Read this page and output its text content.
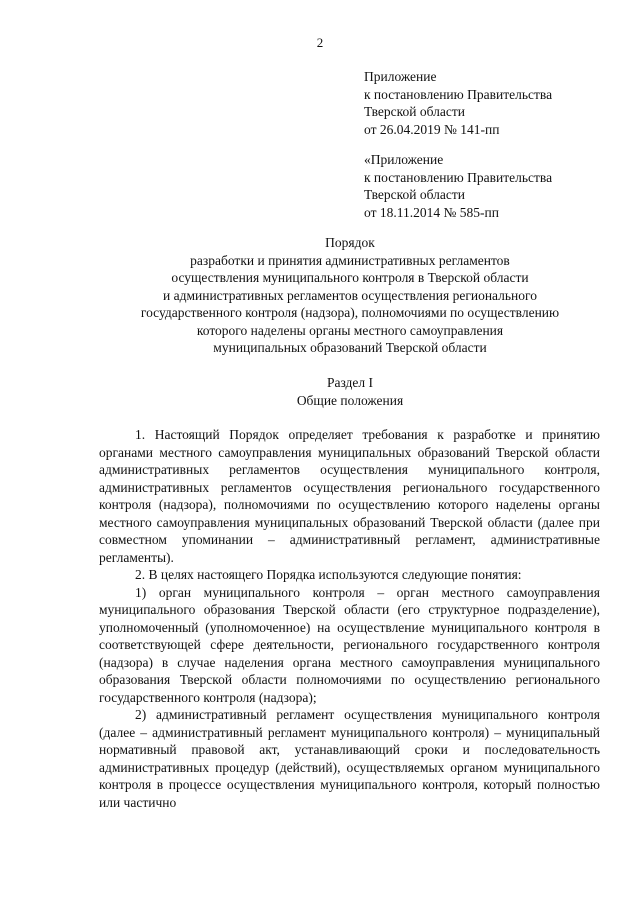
2
Приложение
к постановлению Правительства
Тверской области
от 26.04.2019 № 141-пп
«Приложение
к постановлению Правительства
Тверской области
от 18.11.2014 № 585-пп
Порядок
разработки и принятия административных регламентов
осуществления муниципального контроля в Тверской области
и административных регламентов осуществления регионального
государственного контроля (надзора), полномочиями по осуществлению
которого наделены органы местного самоуправления
муниципальных образований Тверской области
Раздел I
Общие положения

1. Настоящий Порядок определяет требования к разработке и принятию органами местного самоуправления муниципальных образований Тверской области административных регламентов осуществления муниципального контроля, административных регламентов осуществления регионального государственного контроля (надзора), полномочиями по осуществлению которого наделены органы местного самоуправления муниципальных образований Тверской области (далее при совместном упоминании – административный регламент, административные регламенты).

2. В целях настоящего Порядка используются следующие понятия:

1) орган муниципального контроля – орган местного самоуправления муниципального образования Тверской области (его структурное подразделение), уполномоченный (уполномоченное) на осуществление муниципального контроля в соответствующей сфере деятельности, регионального государственного контроля (надзора) в случае наделения органа местного самоуправления муниципального образования Тверской области полномочиями по осуществлению регионального государственного контроля (надзора);

2) административный регламент осуществления муниципального контроля (далее – административный регламент муниципального контроля) – муниципальный нормативный правовой акт, устанавливающий сроки и последовательность административных процедур (действий), осуществляемых органом муниципального контроля в процессе осуществления муниципального контроля, который полностью или частично
